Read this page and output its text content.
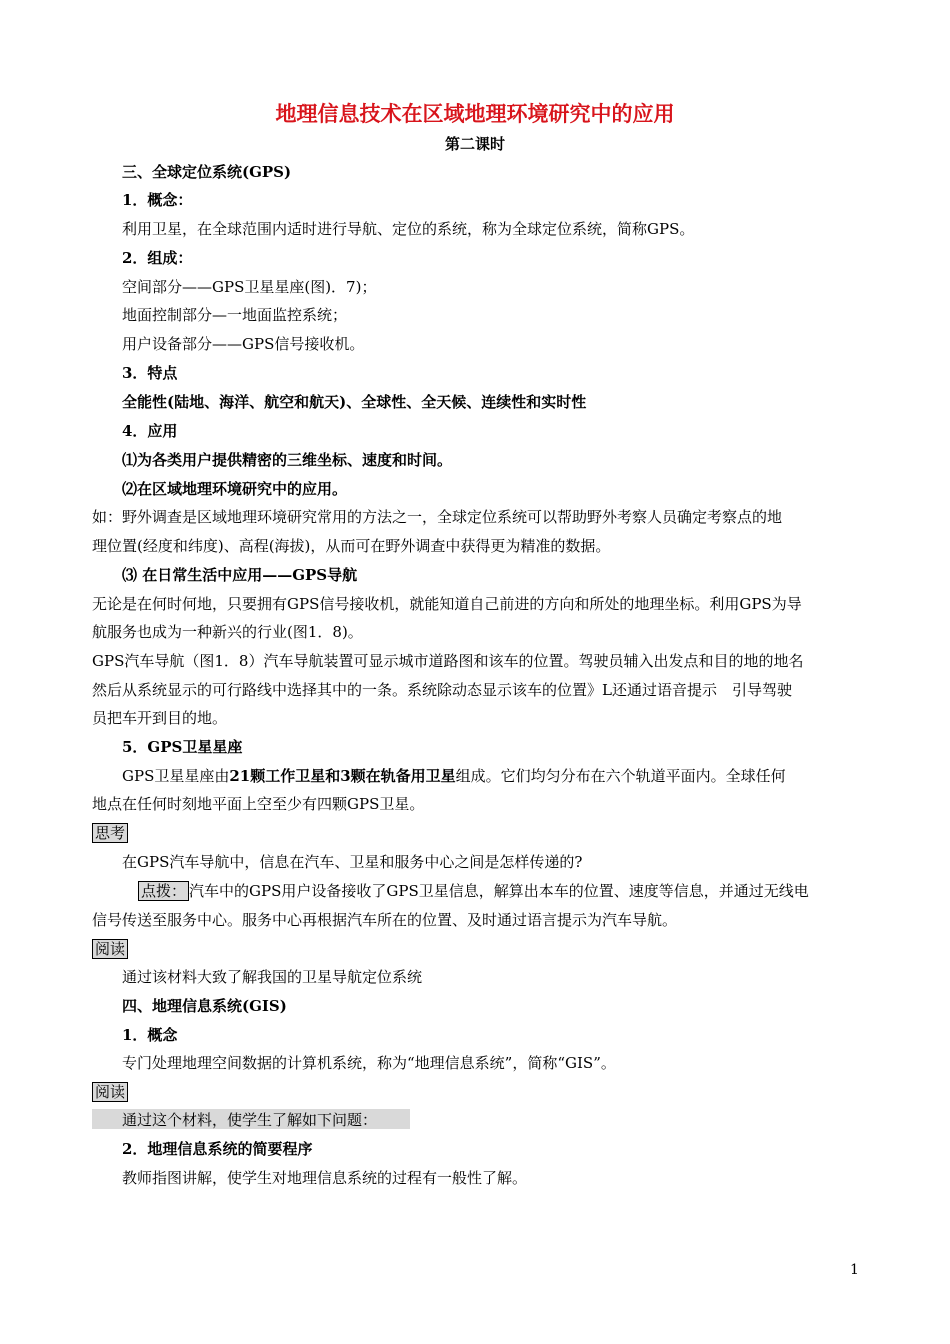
地理信息技术在区域地理环境研究中的应用
第二课时
三、全球定位系统(GPS)
1．概念：
利用卫星，在全球范围内适时进行导航、定位的系统，称为全球定位系统，简称GPS。
2．组成：
空间部分——GPS卫星星座(图)．7)；
地面控制部分—一地面监控系统；
用户设备部分——GPS信号接收机。
3．特点
全能性(陆地、海洋、航空和航天)、全球性、全天候、连续性和实时性
4．应用
⑴为各类用户提供精密的三维坐标、速度和时间。
⑵在区域地理环境研究中的应用。
如：野外调查是区域地理环境研究常用的方法之一，全球定位系统可以帮助野外考察人员确定考察点的地
理位置(经度和纬度)、高程(海拔)，从而可在野外调查中获得更为精准的数据。
⑶ 在日常生活中应用——GPS导航
无论是在何时何地，只要拥有GPS信号接收机，就能知道自己前进的方向和所处的地理坐标。利用GPS为导
航服务也成为一种新兴的行业(图1．8)。
GPS汽车导航（图1．8）汽车导航装置可显示城市道路图和该车的位置。驾驶员辅入出发点和目的地的地名
然后从系统显示的可行路线中选择其中的一条。系统除动态显示该车的位置》L还通过语音提示　引导驾驶
员把车开到目的地。
5．GPS卫星星座
GPS卫星星座由21颗工作卫星和3颗在轨备用卫星组成。它们均匀分布在六个轨道平面内。全球任何
地点在任何时刻地平面上空至少有四颗GPS卫星。
思考
在GPS汽车导航中，信息在汽车、卫星和服务中心之间是怎样传递的?
点拨： 汽车中的GPS用户设备接收了GPS卫星信息，解算出本车的位置、速度等信息，并通过无线电
信号传送至服务中心。服务中心再根据汽车所在的位置、及时通过语言提示为汽车导航。
阅读
通过该材料大致了解我国的卫星导航定位系统
四、地理信息系统(GIS)
1．概念
专门处理地理空间数据的计算机系统，称为“地理信息系统”，简称“GIS”。
阅读
通过这个材料，使学生了解如下问题：
2．地理信息系统的简要程序
教师指图讲解，使学生对地理信息系统的过程有一般性了解。
1
